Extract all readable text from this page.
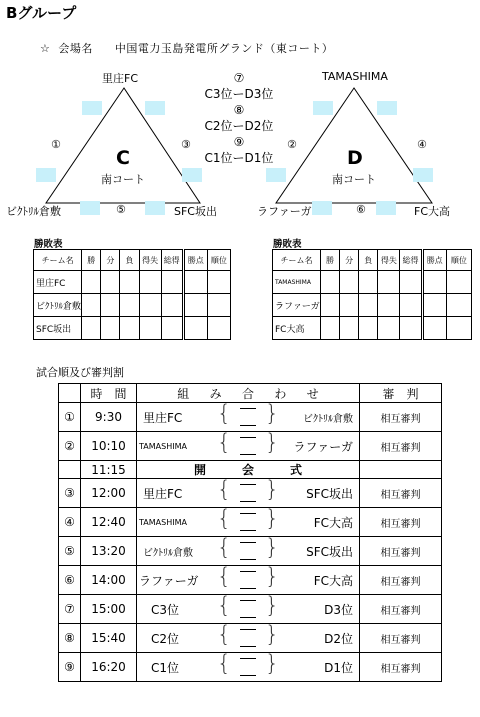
Bグループ
☆ 会場名 中国電力玉島発電所グランド（東コート）
里庄FC
①	③
C
南コート
ビｸﾄﾘﾙ倉敷	⑤	SFC坂出
TAMASHIMA
②	④
D
南コート
ラファーガ	⑥	FC大高
⑦
C3位ーD3位
⑧
C2位ーD2位
⑨
C1位ーD1位
勝敗表
チーム名	勝	分	負	得失	総得	勝点	順位
里庄FC							
ビｸﾄﾘﾙ倉敷							
SFC坂出							
勝敗表
チーム名	勝	分	負	得失	総得	勝点	順位
TAMASHIMA							
ラファーガ							
FC大高							
試合順及び審判割
	時　間	組 み 合 わ せ			審　判
①	9:30	里庄FC	{ }	ビｸﾄﾘﾙ倉敷	相互審判
②	10:10	TAMASHIMA	{ }	ラファーガ	相互審判
	11:15	開 会 式			

③	12:00	里庄FC	{ }	SFC坂出	相互審判
④	12:40	TAMASHIMA	{ }	FC大高	相互審判
⑤	13:20	ビｸﾄﾘﾙ倉敷	{ }	SFC坂出	相互審判
⑥	14:00	ラファーガ	{ }	FC大高	相互審判
⑦	15:00	C3位	{ }	D3位	相互審判
⑧	15:40	C2位	{ }	D2位	相互審判
⑨	16:20	C1位	{ }	D1位	相互審判
